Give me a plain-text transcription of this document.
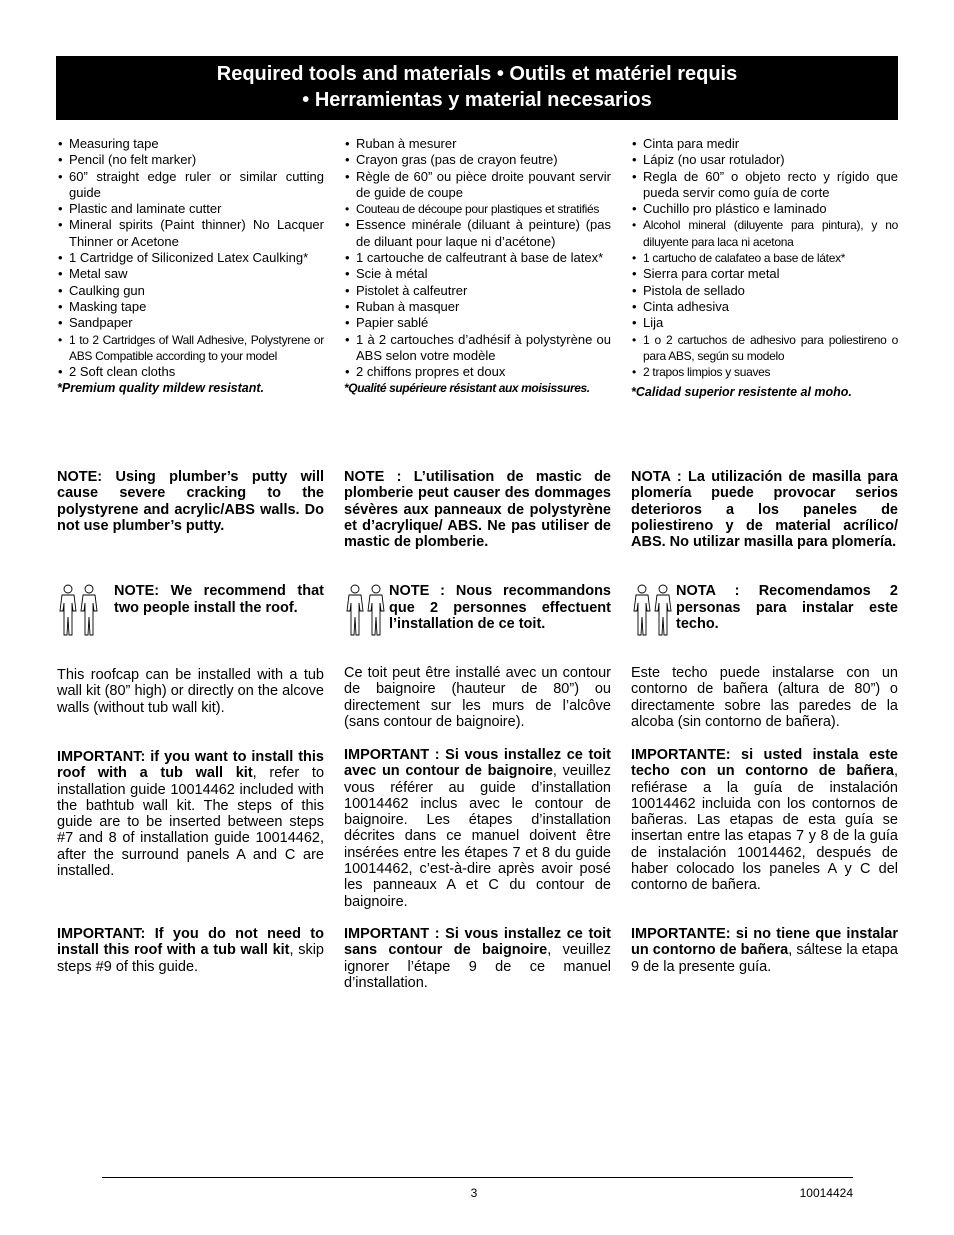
Required tools and materials • Outils et matériel requis
• Herramientas y material necesarios
• Measuring tape
• Pencil (no felt marker)
• 60” straight edge ruler or similar cutting guide
• Plastic and laminate cutter
• Mineral spirits (Paint thinner) No Lacquer Thinner or Acetone
• 1 Cartridge of Siliconized Latex Caulking*
• Metal saw
• Caulking gun
• Masking tape
• Sandpaper
• 1 to 2 Cartridges of Wall Adhesive, Polystyrene or ABS Compatible according to your model
• 2 Soft clean cloths
*Premium quality mildew resistant.
• Ruban à mesurer
• Crayon gras (pas de crayon feutre)
• Règle de 60” ou pièce droite pouvant servir de guide de coupe
• Couteau de découpe pour plastiques et stratifiés
• Essence minérale (diluant à peinture) (pas de diluant pour laque ni d’acétone)
• 1 cartouche de calfeutrant à base de latex*
• Scie à métal
• Pistolet à calfeutrer
• Ruban à masquer
• Papier sablé
• 1 à 2 cartouches d’adhésif à polystyrène ou ABS selon votre modèle
• 2 chiffons propres et doux
*Qualité supérieure résistant aux moisissures.
• Cinta para medir
• Lápiz (no usar rotulador)
• Regla de 60” o objeto recto y rígido que pueda servir como guía de corte
• Cuchillo pro plástico e laminado
• Alcohol mineral (diluyente para pintura), y no diluyente para laca ni acetona
• 1 cartucho de calafateo a base de látex*
• Sierra para cortar metal
• Pistola de sellado
• Cinta adhesiva
• Lija
• 1 o 2 cartuchos de adhesivo para poliestireno o para ABS, según su modelo
• 2 trapos limpios y suaves
*Calidad superior resistente al moho.

NOTE: Using plumber’s putty will cause severe cracking to the polystyrene and acrylic/ABS walls. Do not use plumber’s putty.

NOTE : L’utilisation de mastic de plomberie peut causer des dommages sévères aux panneaux de polystyrène et d’acrylique/ ABS. Ne pas utiliser de mastic de plomberie.

NOTA : La utilización de masilla para plomería puede provocar serios deterioros a los paneles de poliestireno y de material acrílico/ ABS. No utilizar masilla para plomería.

NOTE: We recommend that two people install the roof.

NOTE : Nous recommandons que 2 personnes effectuent l’installation de ce toit.

NOTA : Recomendamos 2 personas para instalar este techo.

This roofcap can be installed with a tub wall kit (80” high) or directly on the alcove walls (without tub wall kit).

Ce toit peut être installé avec un contour de baignoire (hauteur de 80”) ou directement sur les murs de l’alcôve (sans contour de baignoire).

Este techo puede instalarse con un contorno de bañera (altura de 80”) o directamente sobre las paredes de la alcoba (sin contorno de bañera).

IMPORTANT: if you want to install this roof with a tub wall kit, refer to installation guide 10014462 included with the bathtub wall kit. The steps of this guide are to be inserted between steps #7 and 8 of installation guide 10014462, after the surround panels A and C are installed.

IMPORTANT : Si vous installez ce toit avec un contour de baignoire, veuillez vous référer au guide d’installation 10014462 inclus avec le contour de baignoire. Les étapes d’installation décrites dans ce manuel doivent être insérées entre les étapes 7 et 8 du guide 10014462, c’est-à-dire après avoir posé les panneaux A et C du contour de baignoire.

IMPORTANTE: si usted instala este techo con un contorno de bañera, refiérase a la guía de instalación 10014462 incluida con los contornos de bañeras. Las etapas de esta guía se insertan entre las etapas 7 y 8 de la guía de instalación 10014462, después de haber colocado los paneles A y C del contorno de bañera.

IMPORTANT: If you do not need to install this roof with a tub wall kit, skip steps #9 of this guide.

IMPORTANT : Si vous installez ce toit sans contour de baignoire, veuillez ignorer l’étape 9 de ce manuel d’installation.

IMPORTANTE: si no tiene que instalar un contorno de bañera, sáltese la etapa 9 de la presente guía.

3	10014424
